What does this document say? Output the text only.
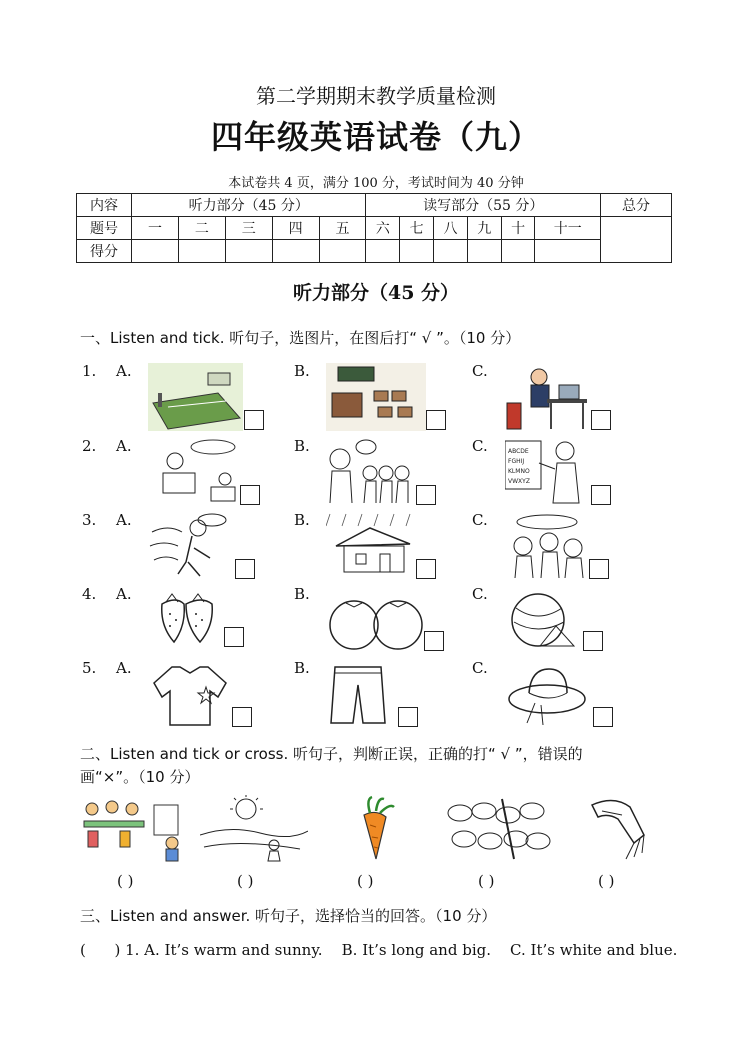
第二学期期末教学质量检测
四年级英语试卷（九）
本试卷共 4 页，满分 100 分，考试时间为 40 分钟
内容	听力部分（45 分）					读写部分（55 分）						总分
题号	一	二	三	四	五	六	七	八	九	十	十一	
得分												
听力部分（45 分）
一、Listen and tick. 听句子，选图片，在图后打“ √ ”。（10 分）
1. A.	B.	C.
2. A.	B.	C.	ABCDE
FGHIJ
KLMNO
VWXYZ
3. A.	B.	C.
4. A.	B.	C.
5. A.	B.	C.
二、Listen and tick or cross. 听句子，判断正误，正确的打“ √ ”，错误的
画“×”。（10 分）
( )	( )	( )	( )	( )
三、Listen and answer. 听句子，选择恰当的回答。（10 分）
(      ) 1. A. It’s warm and sunny.    B. It’s long and big.    C. It’s white and blue.
